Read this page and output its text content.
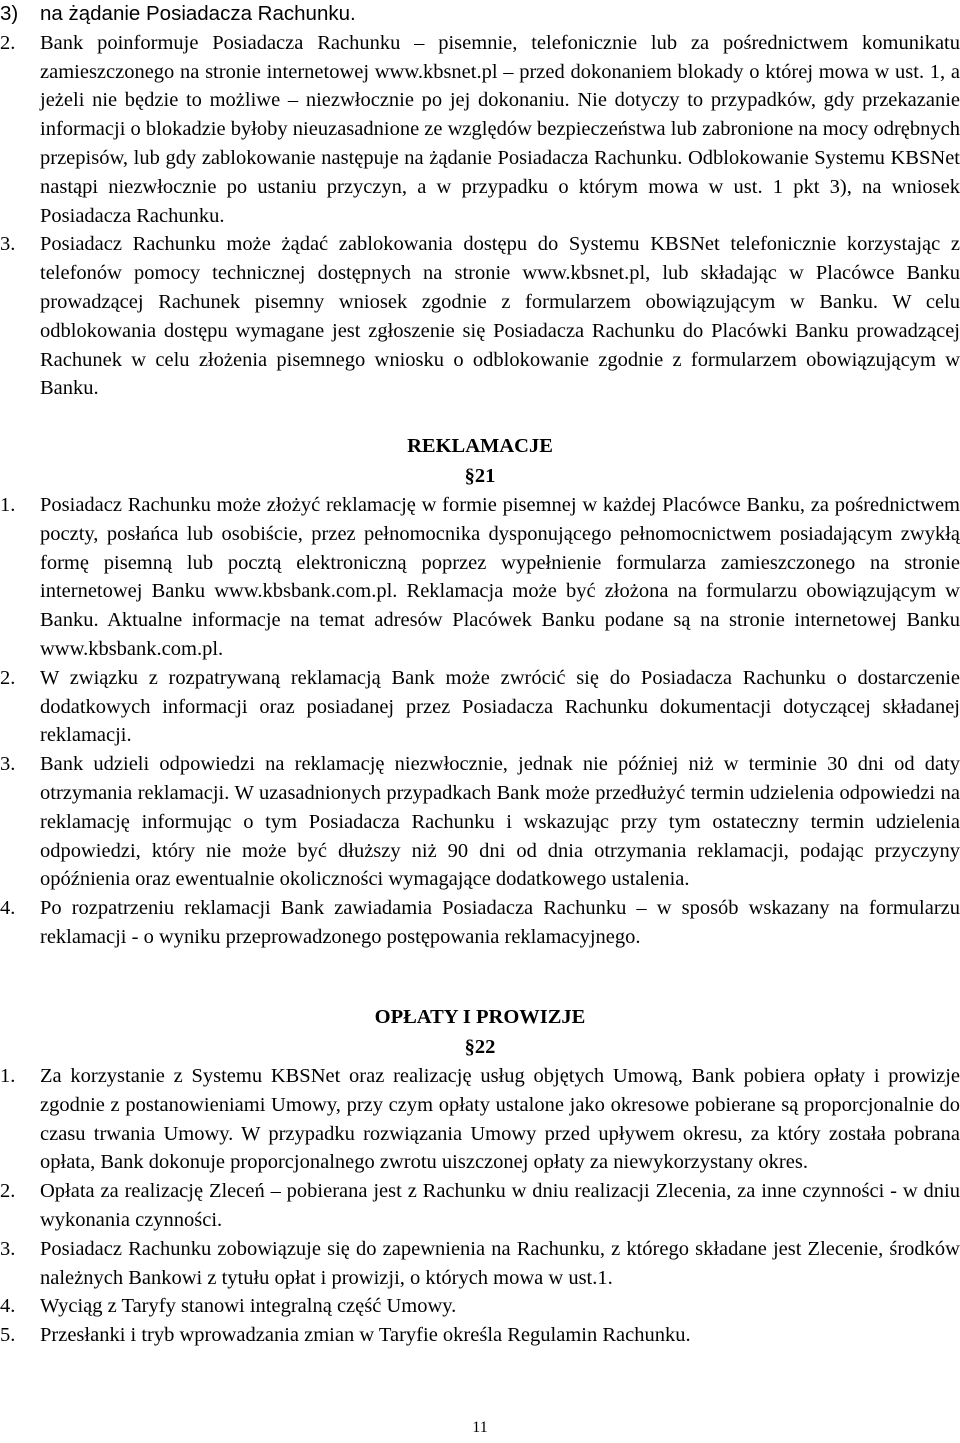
3) na żądanie Posiadacza Rachunku.
2. Bank poinformuje Posiadacza Rachunku – pisemnie, telefonicznie lub za pośrednictwem komunikatu zamieszczonego na stronie internetowej www.kbsnet.pl – przed dokonaniem blokady o której mowa w ust. 1, a jeżeli nie będzie to możliwe – niezwłocznie po jej dokonaniu. Nie dotyczy to przypadków, gdy przekazanie informacji o blokadzie byłoby nieuzasadnione ze względów bezpieczeństwa lub zabronione na mocy odrębnych przepisów, lub gdy zablokowanie następuje na żądanie Posiadacza Rachunku. Odblokowanie Systemu KBSNet nastąpi niezwłocznie po ustaniu przyczyn, a w przypadku o którym mowa w ust. 1 pkt 3), na wniosek Posiadacza Rachunku.
3. Posiadacz Rachunku może żądać zablokowania dostępu do Systemu KBSNet telefonicznie korzystając z telefonów pomocy technicznej dostępnych na stronie www.kbsnet.pl, lub składając w Placówce Banku prowadzącej Rachunek pisemny wniosek zgodnie z formularzem obowiązującym w Banku. W celu odblokowania dostępu wymagane jest zgłoszenie się Posiadacza Rachunku do Placówki Banku prowadzącej Rachunek w celu złożenia pisemnego wniosku o odblokowanie zgodnie z formularzem obowiązującym w Banku.
REKLAMACJE
§21
1. Posiadacz Rachunku może złożyć reklamację w formie pisemnej w każdej Placówce Banku, za pośrednictwem poczty, posłańca lub osobiście, przez pełnomocnika dysponującego pełnomocnictwem posiadającym zwykłą formę pisemną lub pocztą elektroniczną poprzez wypełnienie formularza zamieszczonego na stronie internetowej Banku www.kbsbank.com.pl. Reklamacja może być złożona na formularzu obowiązującym w Banku. Aktualne informacje na temat adresów Placówek Banku podane są na stronie internetowej Banku www.kbsbank.com.pl.
2. W związku z rozpatrywaną reklamacją Bank może zwrócić się do Posiadacza Rachunku o dostarczenie dodatkowych informacji oraz posiadanej przez Posiadacza Rachunku dokumentacji dotyczącej składanej reklamacji.
3. Bank udzieli odpowiedzi na reklamację niezwłocznie, jednak nie później niż w terminie 30 dni od daty otrzymania reklamacji. W uzasadnionych przypadkach Bank może przedłużyć termin udzielenia odpowiedzi na reklamację informując o tym Posiadacza Rachunku i wskazując przy tym ostateczny termin udzielenia odpowiedzi, który nie może być dłuższy niż 90 dni od dnia otrzymania reklamacji, podając przyczyny opóźnienia oraz ewentualnie okoliczności wymagające dodatkowego ustalenia.
4. Po rozpatrzeniu reklamacji Bank zawiadamia Posiadacza Rachunku – w sposób wskazany na formularzu reklamacji - o wyniku przeprowadzonego postępowania reklamacyjnego.
OPŁATY I PROWIZJE
§22
1. Za korzystanie z Systemu KBSNet oraz realizację usług objętych Umową, Bank pobiera opłaty i prowizje zgodnie z postanowieniami Umowy, przy czym opłaty ustalone jako okresowe pobierane są proporcjonalnie do czasu trwania Umowy. W przypadku rozwiązania Umowy przed upływem okresu, za który została pobrana opłata, Bank dokonuje proporcjonalnego zwrotu uiszczonej opłaty za niewykorzystany okres.
2. Opłata za realizację Zleceń – pobierana jest z Rachunku w dniu realizacji Zlecenia, za inne czynności - w dniu wykonania czynności.
3. Posiadacz Rachunku zobowiązuje się do zapewnienia na Rachunku, z którego składane jest Zlecenie, środków należnych Bankowi z tytułu opłat i prowizji, o których mowa w ust.1.
4. Wyciąg z Taryfy stanowi integralną część Umowy.
5. Przesłanki i tryb wprowadzania zmian w Taryfie określa Regulamin Rachunku.
11
